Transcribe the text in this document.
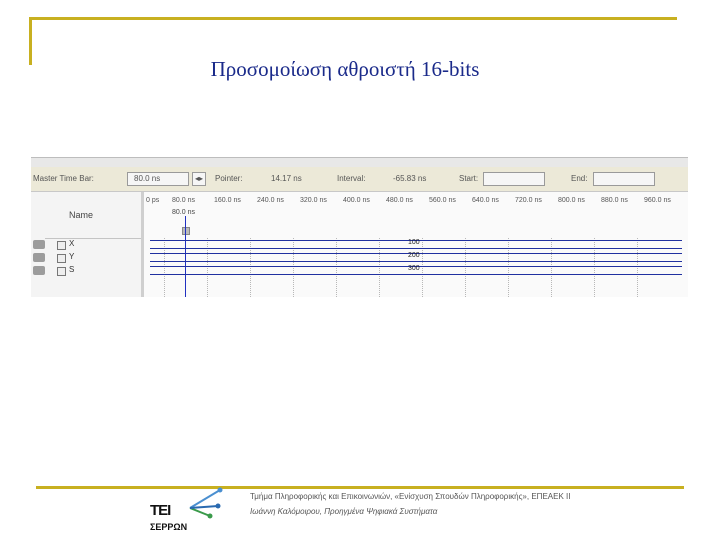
Προσομοίωση αθροιστή 16-bits
Master Time Bar:	80.0 ns	◂▸ Pointer:	14.17 ns	Interval:	-65.83 ns	Start:	End:
Name
X
Y
S
0 ps 80.0 ns	160.0 ns 240.0 ns 320.0 ns 400.0 ns 480.0 ns 560.0 ns 640.0 ns 720.0 ns 800.0 ns 880.0 ns 960.0 ns
80.0 ns
100
200
300
ΤΕΙ
ΣΕΡΡΩΝ
Τμήμα Πληροφορικής και Επικοινωνιών, «Ενίσχυση Σπουδών Πληροφορικής», ΕΠΕΑΕΚ ΙΙ
Ιωάννη Καλόμοιρου, Προηγμένα Ψηφιακά Συστήματα
